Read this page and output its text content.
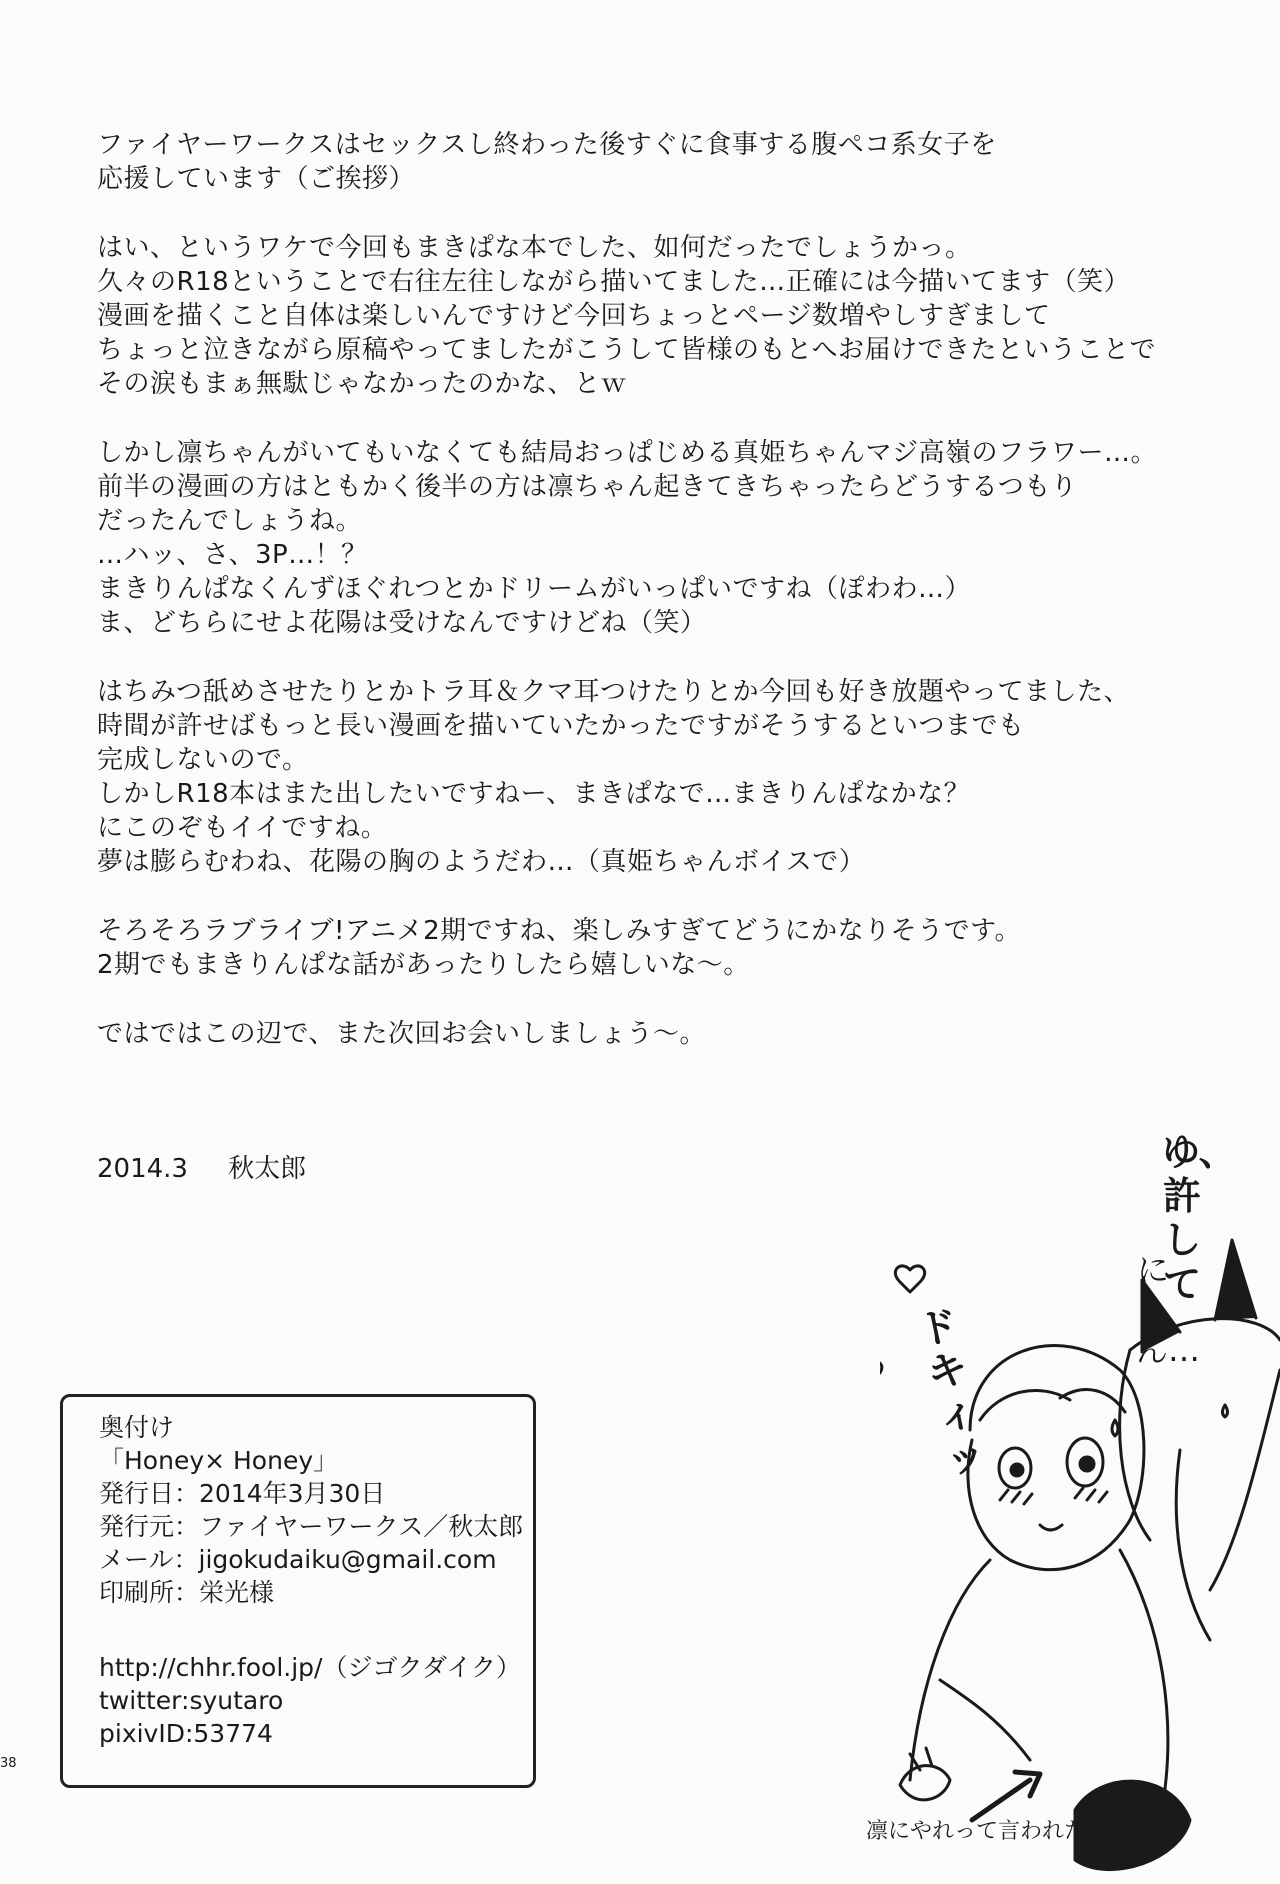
ファイヤーワークスはセックスし終わった後すぐに食事する腹ペコ系女子を
応援しています（ご挨拶）

はい、というワケで今回もまきぱな本でした、如何だったでしょうかっ。
久々のR18ということで右往左往しながら描いてました…正確には今描いてます（笑）
漫画を描くこと自体は楽しいんですけど今回ちょっとページ数増やしすぎまして
ちょっと泣きながら原稿やってましたがこうして皆様のもとへお届けできたということで
その涙もまぁ無駄じゃなかったのかな、とｗ

しかし凛ちゃんがいてもいなくても結局おっぱじめる真姫ちゃんマジ高嶺のフラワー…。
前半の漫画の方はともかく後半の方は凛ちゃん起きてきちゃったらどうするつもり
だったんでしょうね。
…ハッ、さ、3P…！？
まきりんぱなくんずほぐれつとかドリームがいっぱいですね（ぽわわ…）
ま、どちらにせよ花陽は受けなんですけどね（笑）

はちみつ舐めさせたりとかトラ耳＆クマ耳つけたりとか今回も好き放題やってました、
時間が許せばもっと長い漫画を描いていたかったですがそうするといつまでも
完成しないので。
しかしR18本はまた出したいですねー、まきぱなで…まきりんぱなかな？
にこのぞもイイですね。
夢は膨らむわね、花陽の胸のようだわ…（真姫ちゃんボイスで）

そろそろラブライブ!アニメ2期ですね、楽しみすぎてどうにかなりそうです。
2期でもまきりんぱな話があったりしたら嬉しいな〜。

ではではこの辺で、また次回お会いしましょう〜。

2014.3 秋太郎
奥付け
「Honey× Honey」
発行日：2014年3月30日
発行元：ファイヤーワークス／秋太郎
メール：jigokudaiku@gmail.com
印刷所：栄光様
http://chhr.fool.jp/（ジゴクダイク）
twitter:syutaro
pixivID:53774
38
ゆ、許して
にゃん…
ドキィッ
凛にやれって言われた
